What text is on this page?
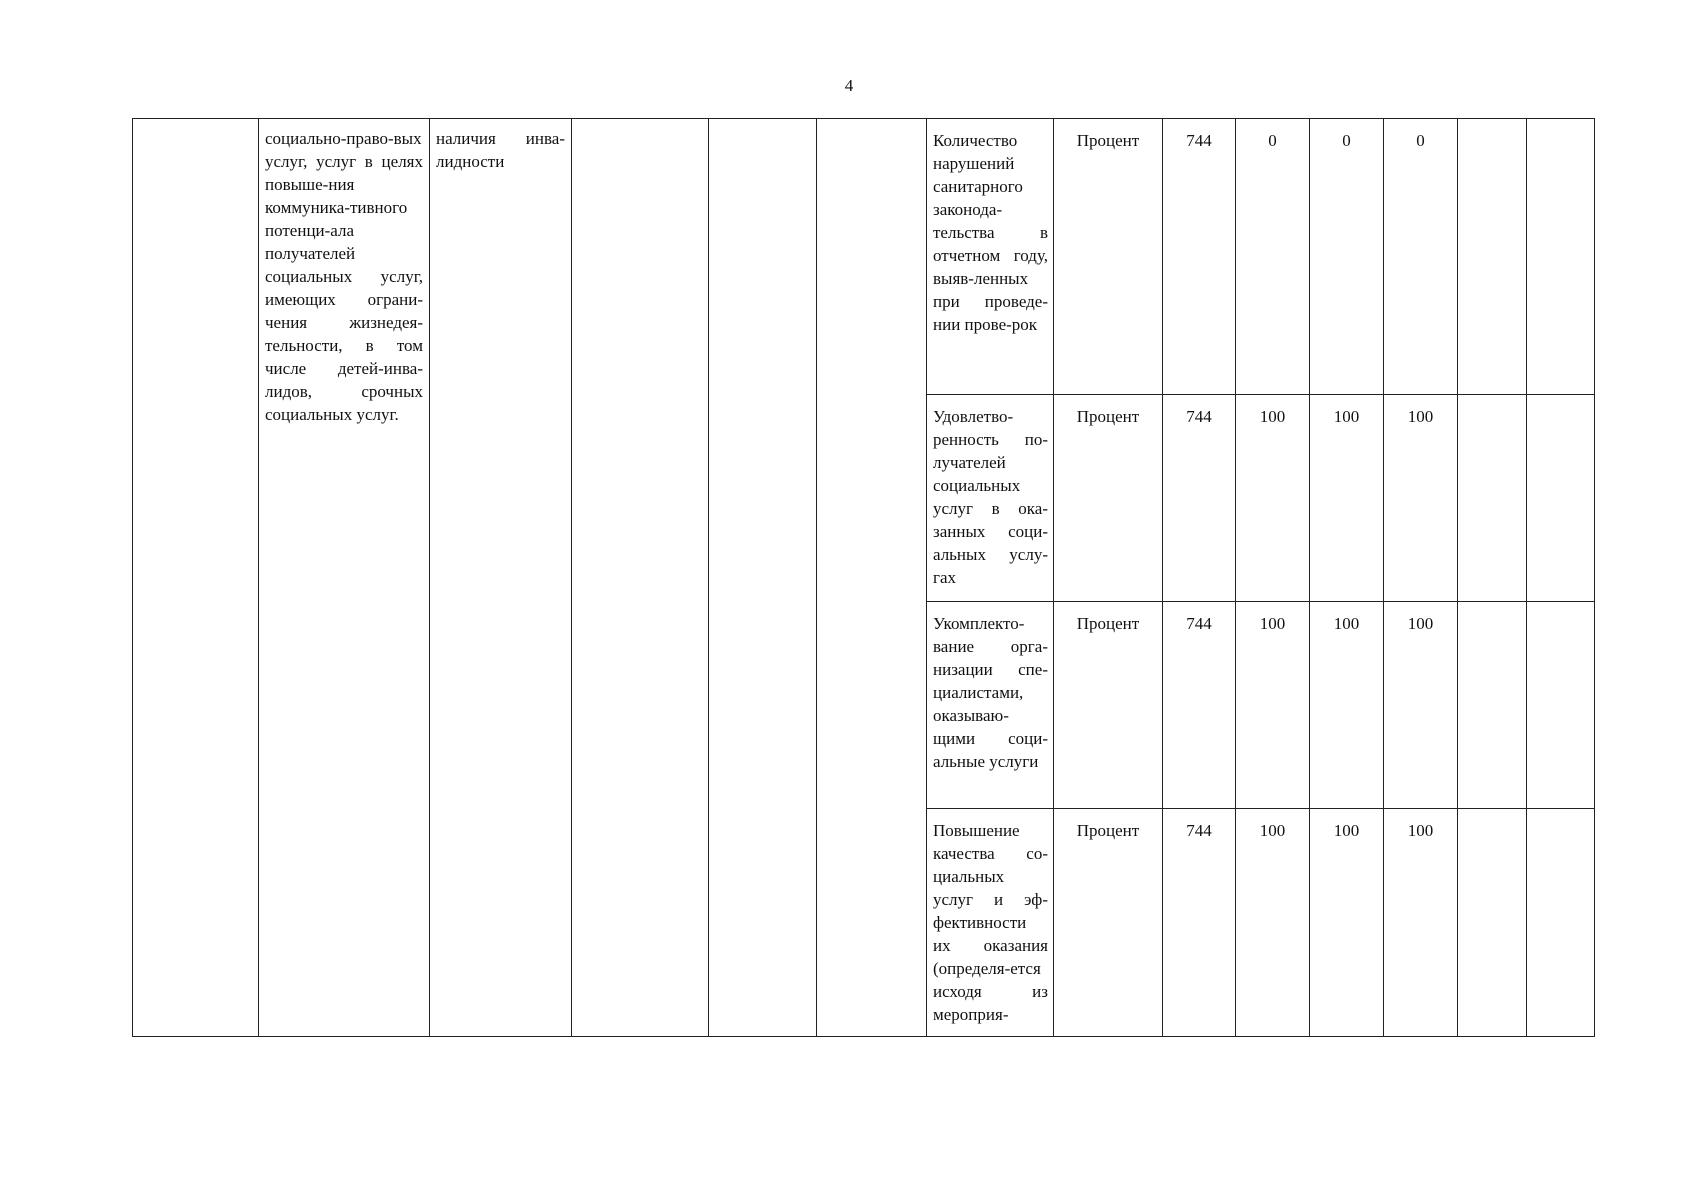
4

	социально-право-вых услуг, услуг в целях повыше-ния коммуника-тивного потенци-ала получателей социальных услуг, имеющих ограни-чения жизнедея-тельности, в том числе детей-инва-лидов, срочных социальных услуг.	наличия инва-лидности				Количество нарушений санитарного законода-тельства в отчетном году, выяв-ленных при проведе-нии прове-рок	Процент	744	0	0	0		

						Удовлетво-ренность по-лучателей социальных услуг в ока-занных соци-альных услу-гах	Процент	744	100	100	100		

						Укомплекто-вание орга-низации спе-циалистами, оказываю-щими соци-альные услуги	Процент	744	100	100	100		

						Повышение качества со-циальных услуг и эф-фективности их оказания (определя-ется исходя из мероприя-	Процент	744	100	100	100		
